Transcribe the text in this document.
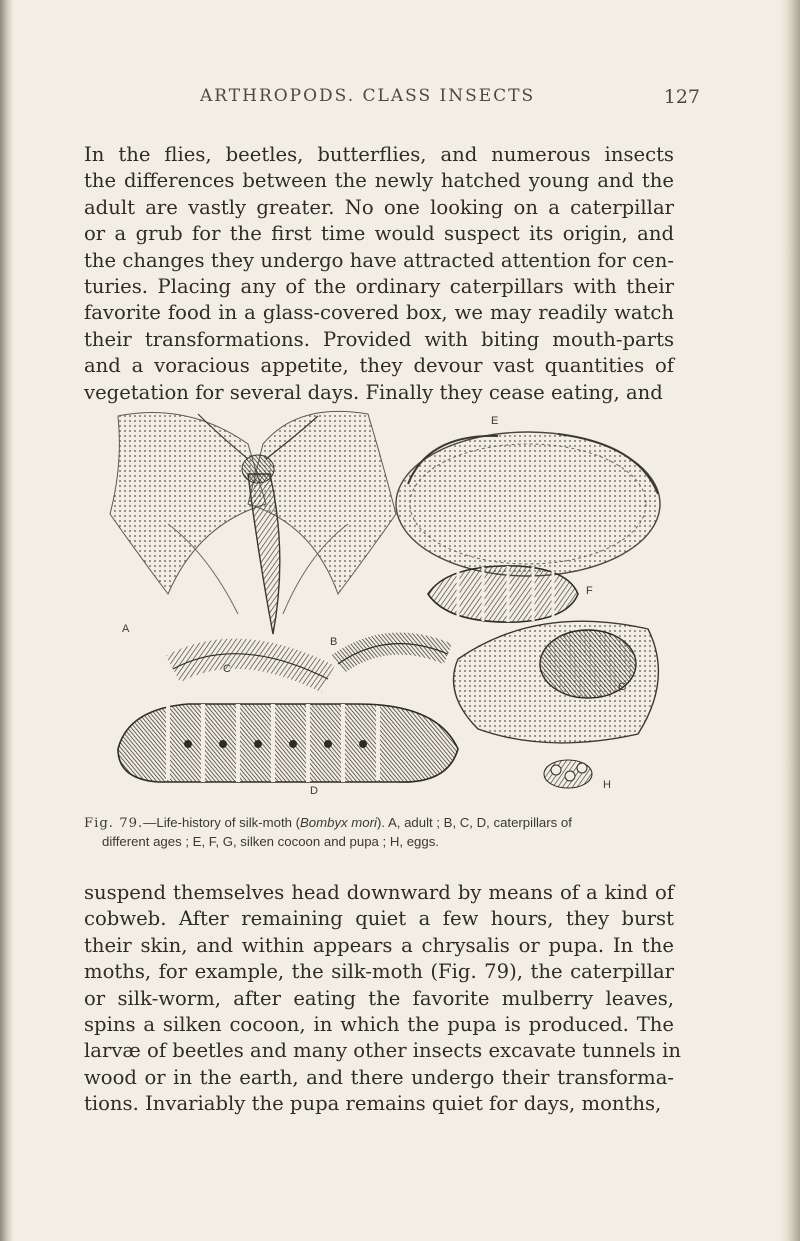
ARTHROPODS. CLASS INSECTS	127
In the flies, beetles, butterflies, and numerous insects
the differences between the newly hatched young and the
adult are vastly greater. No one looking on a caterpillar
or a grub for the first time would suspect its origin, and
the changes they undergo have attracted attention for cen-
turies. Placing any of the ordinary caterpillars with their
favorite food in a glass-covered box, we may readily watch
their transformations. Provided with biting mouth-parts
and a voracious appetite, they devour vast quantities of
vegetation for several days. Finally they cease eating, and
A
B
C
D
E
F
G
H
Fig. 79.—Life-history of silk-moth (Bombyx mori). A, adult ; B, C, D, caterpillars of
different ages ; E, F, G, silken cocoon and pupa ; H, eggs.
suspend themselves head downward by means of a kind of
cobweb. After remaining quiet a few hours, they burst
their skin, and within appears a chrysalis or pupa. In the
moths, for example, the silk-moth (Fig. 79), the caterpillar
or silk-worm, after eating the favorite mulberry leaves,
spins a silken cocoon, in which the pupa is produced. The
larvæ of beetles and many other insects excavate tunnels in
wood or in the earth, and there undergo their transforma-
tions. Invariably the pupa remains quiet for days, months,
